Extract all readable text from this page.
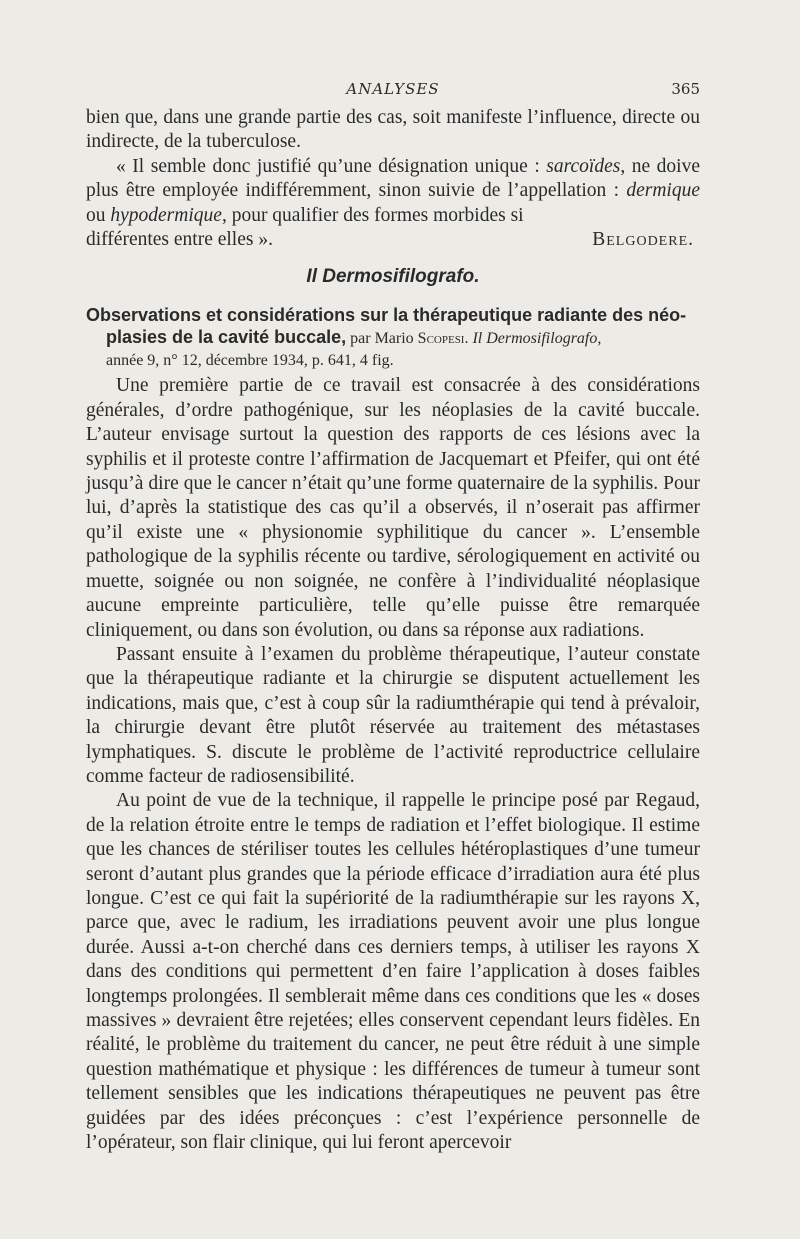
ANALYSES	365

bien que, dans une grande partie des cas, soit manifeste l’influence, directe ou indirecte, de la tuberculose.

« Il semble donc justifié qu’une désignation unique : sarcoïdes, ne doive plus être employée indifféremment, sinon suivie de l’appellation : dermique ou hypodermique, pour qualifier des formes morbides si

différentes entre elles ».	Belgodere.
Il Dermosifilografo.

Observations et considérations sur la thérapeutique radiante des néo-

plasies de la cavité buccale, par Mario Scopesi. Il Dermosifilografo,

année 9, n° 12, décembre 1934, p. 641, 4 fig.

Une première partie de ce travail est consacrée à des considérations générales, d’ordre pathogénique, sur les néoplasies de la cavité buccale. L’auteur envisage surtout la question des rapports de ces lésions avec la syphilis et il proteste contre l’affirmation de Jacquemart et Pfeifer, qui ont été jusqu’à dire que le cancer n’était qu’une forme quaternaire de la syphilis. Pour lui, d’après la statistique des cas qu’il a observés, il n’oserait pas affirmer qu’il existe une « physionomie syphilitique du cancer ». L’ensemble pathologique de la syphilis récente ou tardive, sérologiquement en activité ou muette, soignée ou non soignée, ne confère à l’individualité néoplasique aucune empreinte particulière, telle qu’elle puisse être remarquée cliniquement, ou dans son évolution, ou dans sa réponse aux radiations.

Passant ensuite à l’examen du problème thérapeutique, l’auteur constate que la thérapeutique radiante et la chirurgie se disputent actuellement les indications, mais que, c’est à coup sûr la radiumthérapie qui tend à prévaloir, la chirurgie devant être plutôt réservée au traitement des métastases lymphatiques. S. discute le problème de l’activité reproductrice cellulaire comme facteur de radiosensibilité.

Au point de vue de la technique, il rappelle le principe posé par Regaud, de la relation étroite entre le temps de radiation et l’effet biologique. Il estime que les chances de stériliser toutes les cellules hétéroplastiques d’une tumeur seront d’autant plus grandes que la période efficace d’irradiation aura été plus longue. C’est ce qui fait la supériorité de la radiumthérapie sur les rayons X, parce que, avec le radium, les irradiations peuvent avoir une plus longue durée. Aussi a-t-on cherché dans ces derniers temps, à utiliser les rayons X dans des conditions qui permettent d’en faire l’application à doses faibles longtemps prolongées. Il semblerait même dans ces conditions que les « doses massives » devraient être rejetées; elles conservent cependant leurs fidèles. En réalité, le problème du traitement du cancer, ne peut être réduit à une simple question mathématique et physique : les différences de tumeur à tumeur sont tellement sensibles que les indications thérapeutiques ne peuvent pas être guidées par des idées préconçues : c’est l’expérience personnelle de l’opérateur, son flair clinique, qui lui feront apercevoir
